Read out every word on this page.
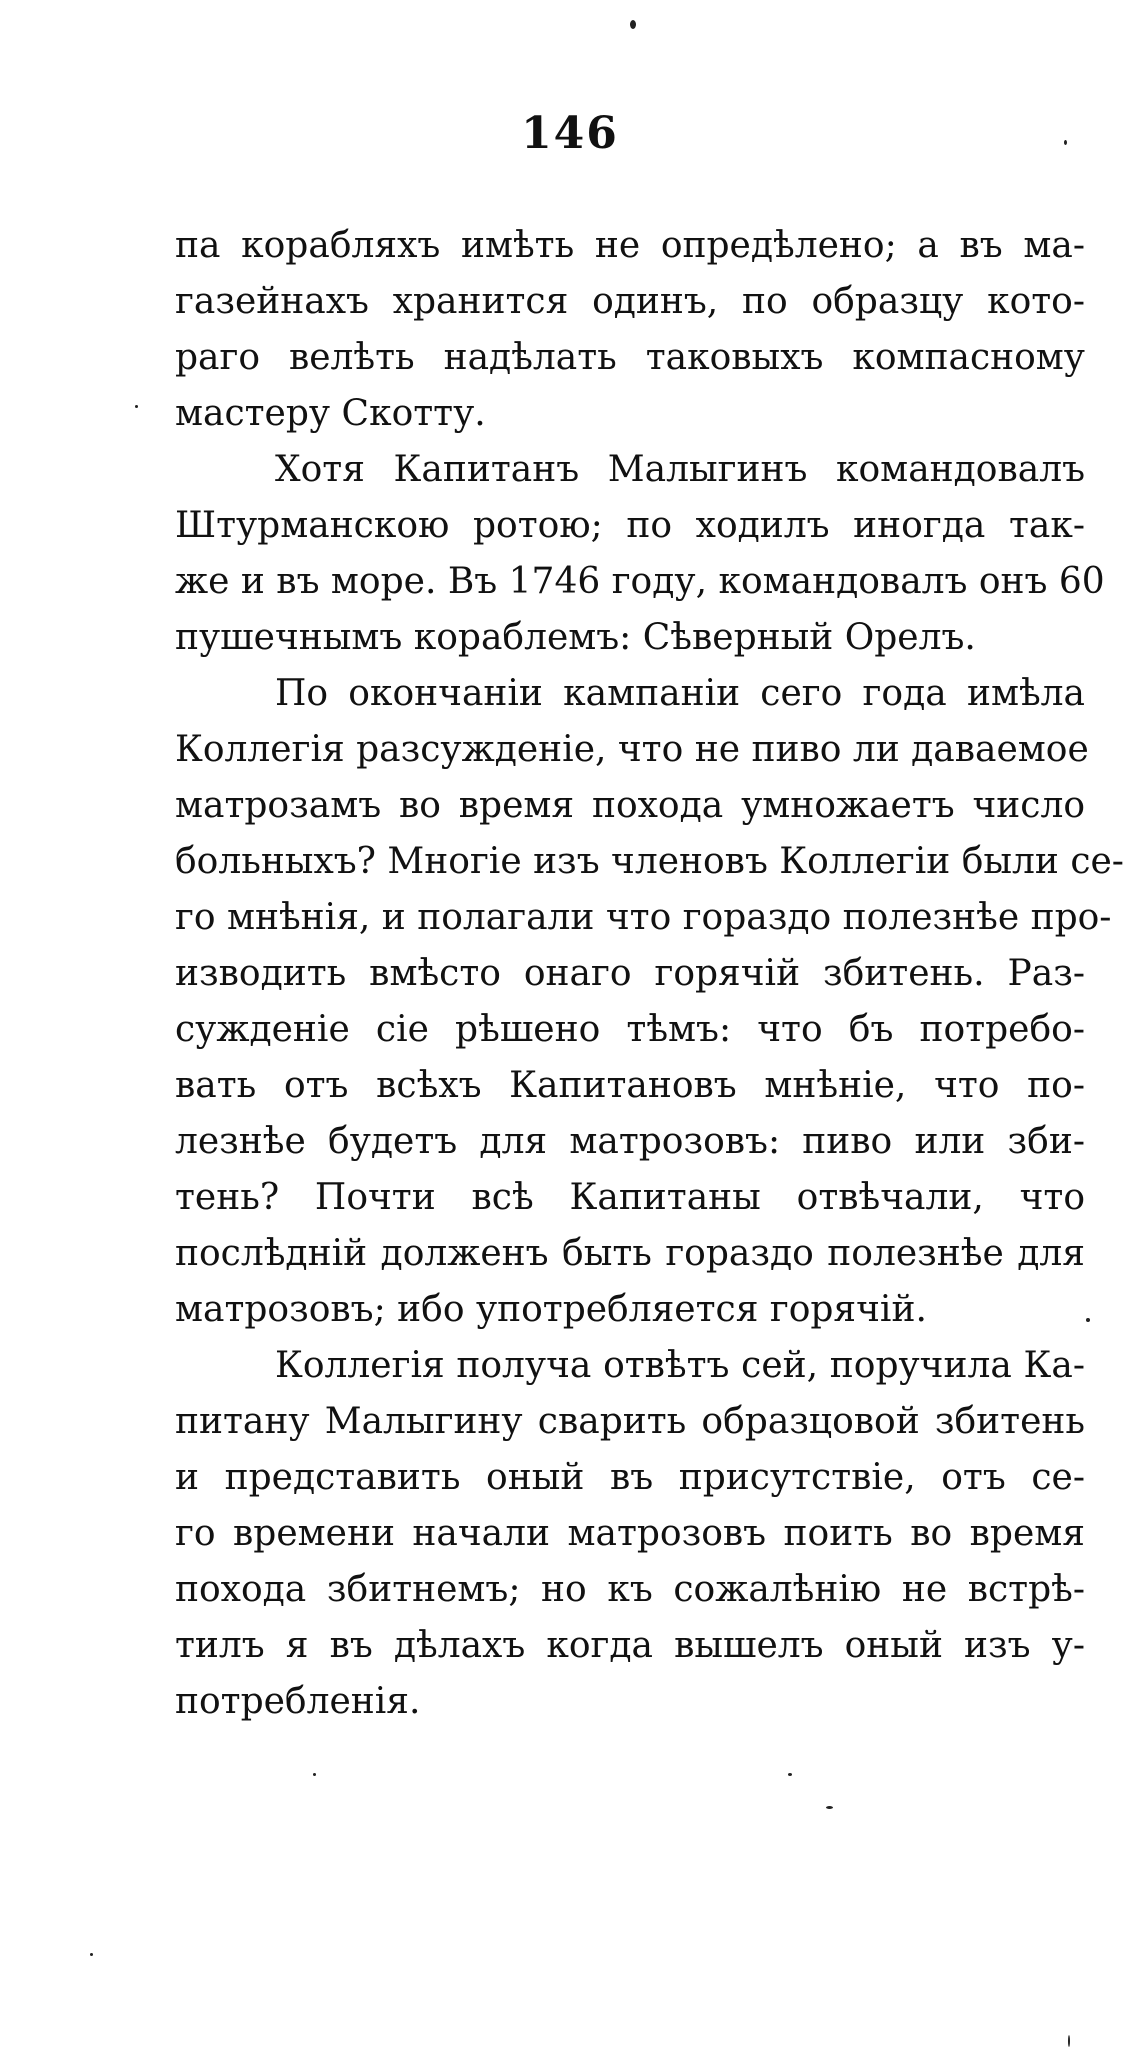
146
па корабляхъ имѣть не опредѣлено; а въ ма-
газейнахъ хранится одинъ, по образцу кото-
раго велѣть надѣлать таковыхъ компасному
мастеру Скотту.
Хотя Капитанъ Малыгинъ командовалъ
Штурманскою ротою; по ходилъ иногда так-
же и въ море. Въ 1746 году, командовалъ онъ 60
пушечнымъ кораблемъ: Сѣверный Орелъ.
По окончаніи кампаніи сего года имѣла
Коллегія разсужденіе, что не пиво ли даваемое
матрозамъ во время похода умножаетъ число
больныхъ? Многіе изъ членовъ Коллегіи были се-
го мнѣнія, и полагали что гораздо полезнѣе про-
изводить вмѣсто онаго горячій збитень. Раз-
сужденіе сіе рѣшено тѣмъ: что бъ потребо-
вать отъ всѣхъ Капитановъ мнѣніе, что по-
лезнѣе будетъ для матрозовъ: пиво или зби-
тень? Почти всѣ Капитаны отвѣчали, что
послѣдній долженъ быть гораздо полезнѣе для
матрозовъ; ибо употребляется горячій.
Коллегія получа отвѣтъ сей, поручила Ка-
питану Малыгину сварить образцовой збитень
и представить оный въ присутствіе, отъ се-
го времени начали матрозовъ поить во время
похода збитнемъ; но къ сожалѣнію не встрѣ-
тилъ я въ дѣлахъ когда вышелъ оный изъ у-
потребленія.
